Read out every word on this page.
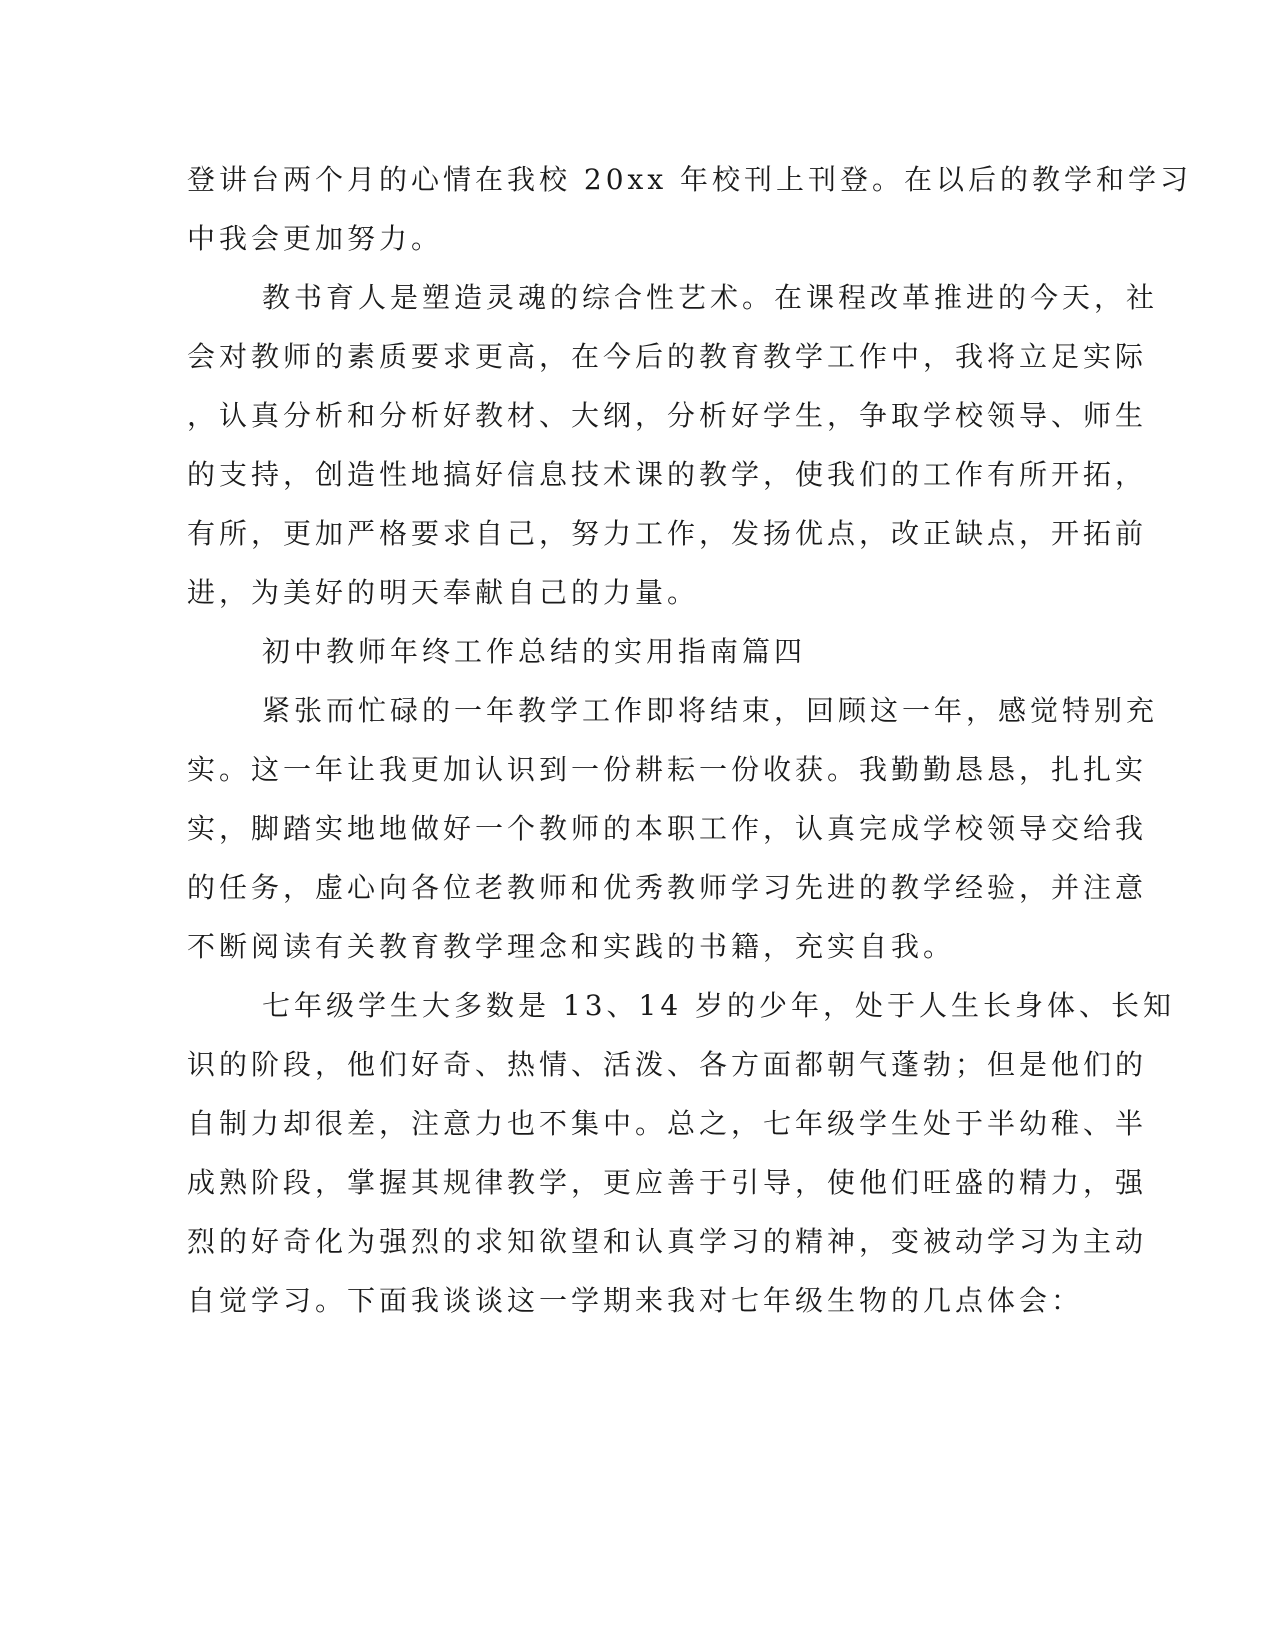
登讲台两个月的心情在我校 20xx 年校刊上刊登。在以后的教学和学习
中我会更加努力。
教书育人是塑造灵魂的综合性艺术。在课程改革推进的今天，社
会对教师的素质要求更高，在今后的教育教学工作中，我将立足实际
，认真分析和分析好教材、大纲，分析好学生，争取学校领导、师生
的支持，创造性地搞好信息技术课的教学，使我们的工作有所开拓，
有所，更加严格要求自己，努力工作，发扬优点，改正缺点，开拓前
进，为美好的明天奉献自己的力量。
初中教师年终工作总结的实用指南篇四
紧张而忙碌的一年教学工作即将结束，回顾这一年，感觉特别充
实。这一年让我更加认识到一份耕耘一份收获。我勤勤恳恳，扎扎实
实，脚踏实地地做好一个教师的本职工作，认真完成学校领导交给我
的任务，虚心向各位老教师和优秀教师学习先进的教学经验，并注意
不断阅读有关教育教学理念和实践的书籍，充实自我。
七年级学生大多数是 13、14 岁的少年，处于人生长身体、长知
识的阶段，他们好奇、热情、活泼、各方面都朝气蓬勃；但是他们的
自制力却很差，注意力也不集中。总之，七年级学生处于半幼稚、半
成熟阶段，掌握其规律教学，更应善于引导，使他们旺盛的精力，强
烈的好奇化为强烈的求知欲望和认真学习的精神，变被动学习为主动
自觉学习。下面我谈谈这一学期来我对七年级生物的几点体会：
